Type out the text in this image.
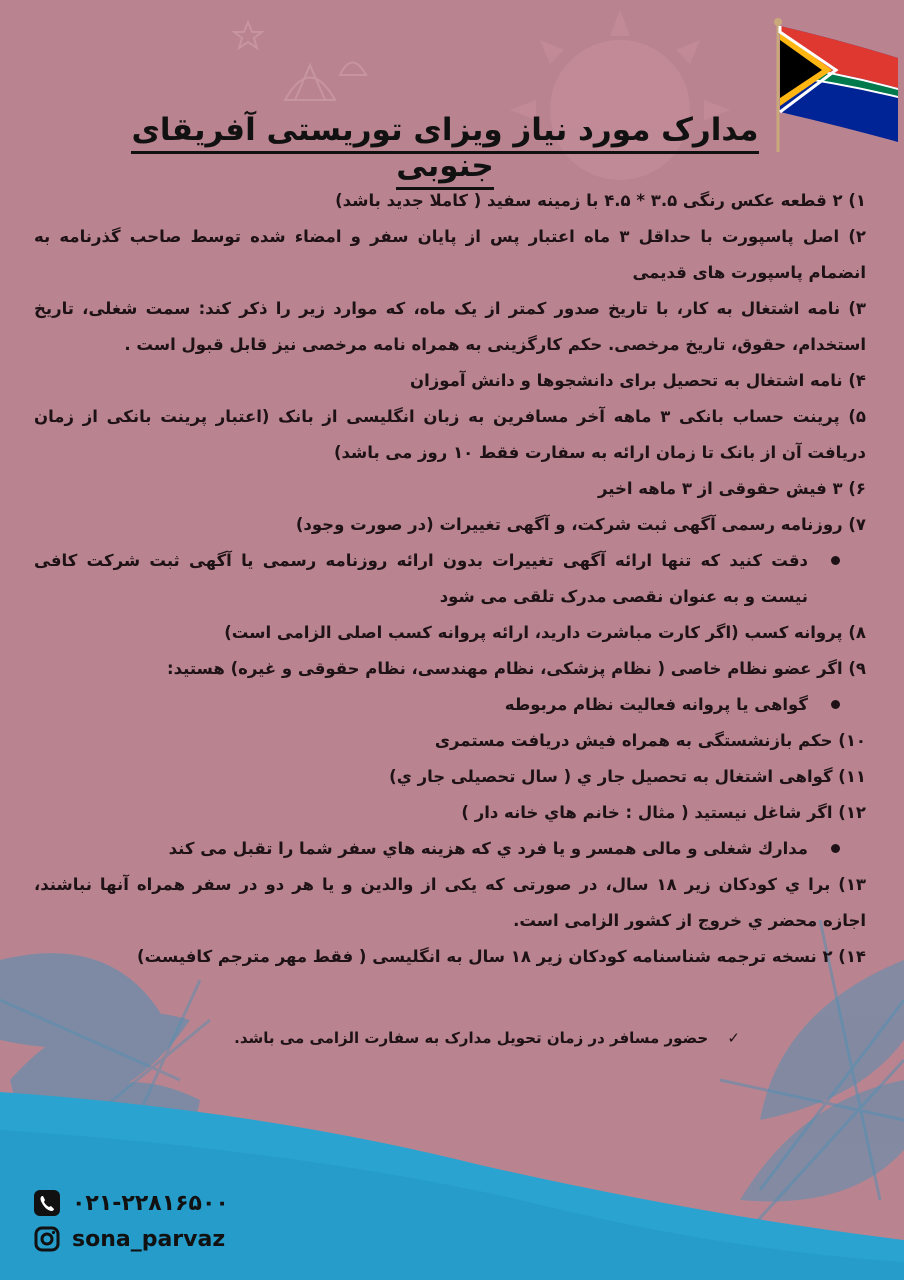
مدارک مورد نیاز ویزای توریستی آفریقای جنوبی

۱) ۲ قطعه عکس رنگی ۳.۵ * ۴.۵ با زمینه سفید ( کاملا جدید باشد)

۲) اصل پاسپورت با حداقل ۳ ماه اعتبار پس از پایان سفر و امضاء شده توسط صاحب گذرنامه به انضمام پاسپورت های قدیمی

۳) نامه اشتغال به کار، با تاریخ صدور کمتر از یک ماه، که موارد زیر را ذکر کند: سمت شغلی، تاریخ استخدام، حقوق، تاریخ مرخصی. حکم کارگزینی به همراه نامه مرخصی نیز قابل قبول است .

۴) نامه اشتغال به تحصیل برای دانشجوها و دانش آموزان

۵) پرینت حساب بانکی ۳ ماهه آخر مسافرین به زبان انگلیسی از بانک (اعتبار پرینت بانکی از زمان دریافت آن از بانک تا زمان ارائه به سفارت فقط ۱۰ روز می باشد)

۶) ۳ فیش حقوقی از ۳ ماهه اخیر

۷) روزنامه رسمی آگهی ثبت شرکت، و آگهی تغییرات (در صورت وجود)

دقت کنید که تنها ارائه آگهی تغییرات بدون ارائه روزنامه رسمی یا آگهی ثبت شرکت کافی نیست و به عنوان نقصی مدرک تلقی می شود

۸) پروانه کسب (اگر کارت مباشرت دارید، ارائه پروانه کسب اصلی الزامی است)

۹) اگر عضو نظام خاصی ( نظام پزشکی، نظام مهندسی، نظام حقوقی و غیره) هستید:

گواهی یا پروانه فعالیت نظام مربوطه

۱۰) حکم بازنشستگی به همراه فیش دریافت مستمری

۱۱) گواهی اشتغال به تحصیل جار ي ( سال تحصیلی جار ي)

۱۲) اگر شاغل نیستید ( مثال : خانم هاي خانه دار )

مدارك شغلی و مالی همسر و یا فرد ي كه هزینه هاي سفر شما را تقبل می كند

۱۳) برا ي كودكان زیر ۱۸ سال، در صورتی كه یكی از والدین و یا هر دو در سفر همراه آنها نباشند، اجازه محضر ي خروج از كشور الزامی است.

۱۴) ۲ نسخه ترجمه شناسنامه كودكان زیر ۱۸ سال به انگلیسی ( فقط مهر مترجم كافیست)

✓ حضور مسافر در زمان تحویل مدارک به سفارت الزامی می باشد.
۰۲۱-۲۲۸۱۶۵۰۰
sona_parvaz
